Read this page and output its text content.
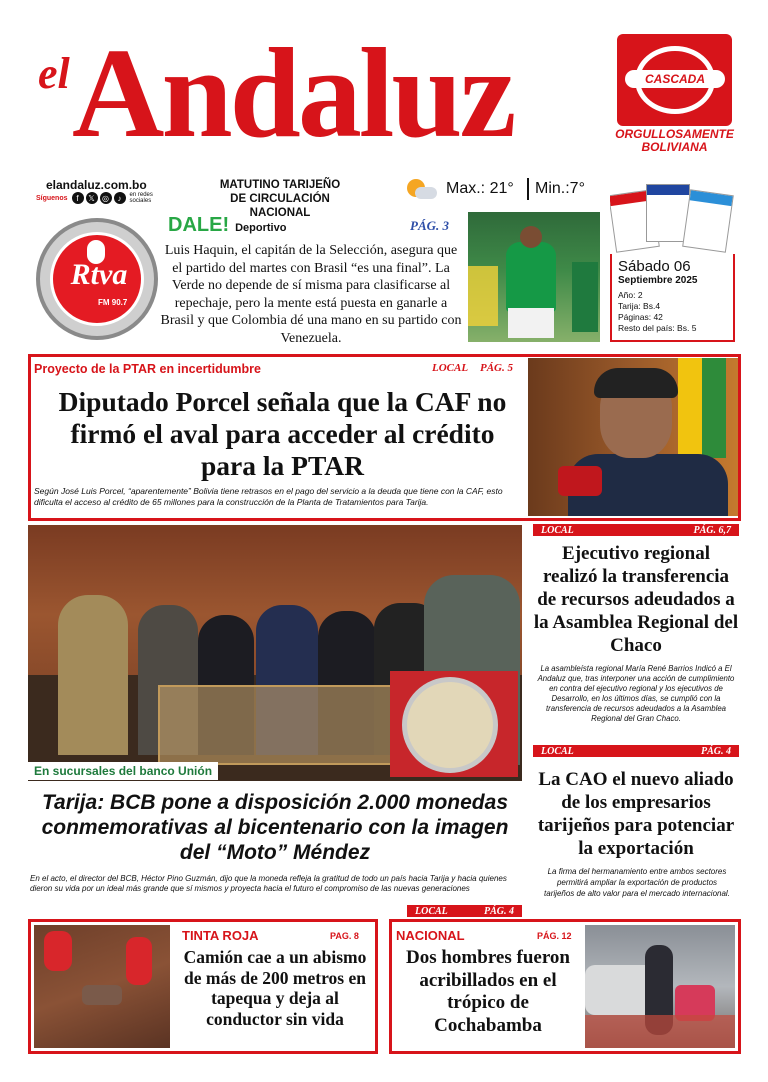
el Andaluz	CASCADA
ORGULLOSAMENTE
BOLIVIANA
elandaluz.com.bo
Síguenos	f	𝕏 ◎	♪	en redes sociales
MATUTINO TARIJEÑO
DE CIRCULACIÓN NACIONAL
Max.: 21° Min.:7°
Rtva
FM 90.7
DALE! Deportivo	PÁG. 3
Luis Haquin, el capitán de la Selección, asegura que el partido del martes con Brasil “es una final”. La Verde no depende de sí misma para clasificarse al repechaje, pero la mente está puesta en ganarle a Brasil y que Colombia dé una mano en su partido con Venezuela.
Sábado 06
Septiembre 2025
Año: 2
Tarija: Bs.4
Páginas: 42
Resto del país: Bs. 5
Proyecto de la PTAR en incertidumbre	LOCAL PÁG. 5
Diputado Porcel señala que la CAF no firmó el aval para acceder al crédito para la PTAR
Según José Luis Porcel, “aparentemente” Bolivia tiene retrasos en el pago del servicio a la deuda que tiene con la CAF, esto dificulta el acceso al crédito de 65 millones para la construcción de la Planta de Tratamientos para Tarija.
En sucursales del banco Unión
Tarija: BCB pone a disposición 2.000 monedas conmemorativas al bicentenario con la imagen del “Moto” Méndez
En el acto, el director del BCB, Héctor Pino Guzmán, dijo que la moneda refleja la gratitud de todo un país hacia Tarija y hacia quienes dieron su vida por un ideal más grande que sí mismos y proyecta hacia el futuro el compromiso de las nuevas generaciones
LOCAL	PÁG. 4
LOCAL	PÁG. 6,7
Ejecutivo regional realizó la transferencia de recursos adeudados a la Asamblea Regional del Chaco
La asambleísta regional María René Barrios Indicó a El Andaluz que, tras interponer una acción de cumplimiento en contra del ejecutivo regional y los ejecutivos de Desarrollo, en los últimos días, se cumplió con la transferencia de recursos adeudados a la Asamblea Regional del Gran Chaco.
LOCAL	PÁG. 4
La CAO el nuevo aliado de los empresarios tarijeños para potenciar la exportación
La firma del hermanamiento entre ambos sectores permitirá ampliar la exportación de productos tarijeños de alto valor para el mercado internacional.
TINTA ROJA	PAG. 8
Camión cae a un abismo de más de 200 metros en tapequa y deja al conductor sin vida
NACIONAL	PÁG. 12
Dos hombres fueron acribillados en el trópico de Cochabamba
